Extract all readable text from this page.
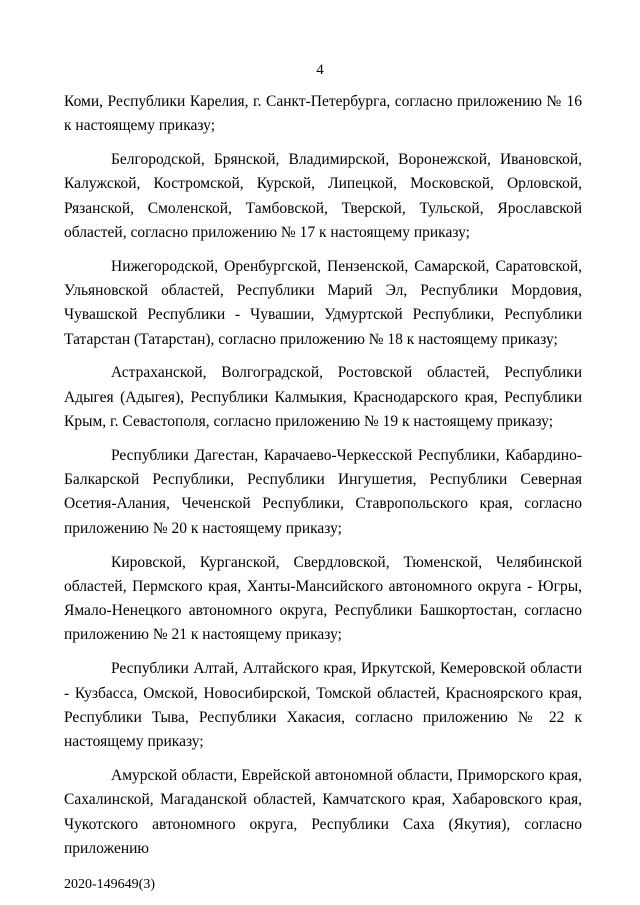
4

Коми, Республики Карелия, г. Санкт-Петербурга, согласно приложению № 16 к настоящему приказу;

Белгородской, Брянской, Владимирской, Воронежской, Ивановской, Калужской, Костромской, Курской, Липецкой, Московской, Орловской, Рязанской, Смоленской, Тамбовской, Тверской, Тульской, Ярославской областей, согласно приложению № 17 к настоящему приказу;

Нижегородской, Оренбургской, Пензенской, Самарской, Саратовской, Ульяновской областей, Республики Марий Эл, Республики Мордовия, Чувашской Республики - Чувашии, Удмуртской Республики, Республики Татарстан (Татарстан), согласно приложению № 18 к настоящему приказу;

Астраханской, Волгоградской, Ростовской областей, Республики Адыгея (Адыгея), Республики Калмыкия, Краснодарского края, Республики Крым, г. Севастополя, согласно приложению № 19 к настоящему приказу;

Республики Дагестан, Карачаево-Черкесской Республики, Кабардино-Балкарской Республики, Республики Ингушетия, Республики Северная Осетия-Алания, Чеченской Республики, Ставропольского края, согласно приложению № 20 к настоящему приказу;

Кировской, Курганской, Свердловской, Тюменской, Челябинской областей, Пермского края, Ханты-Мансийского автономного округа - Югры, Ямало-Ненецкого автономного округа, Республики Башкортостан, согласно приложению № 21 к настоящему приказу;

Республики Алтай, Алтайского края, Иркутской, Кемеровской области - Кузбасса, Омской, Новосибирской, Томской областей, Красноярского края, Республики Тыва, Республики Хакасия, согласно приложению № 22 к настоящему приказу;

Амурской области, Еврейской автономной области, Приморского края, Сахалинской, Магаданской областей, Камчатского края, Хабаровского края, Чукотского автономного округа, Республики Саха (Якутия), согласно приложению

2020-149649(3)
